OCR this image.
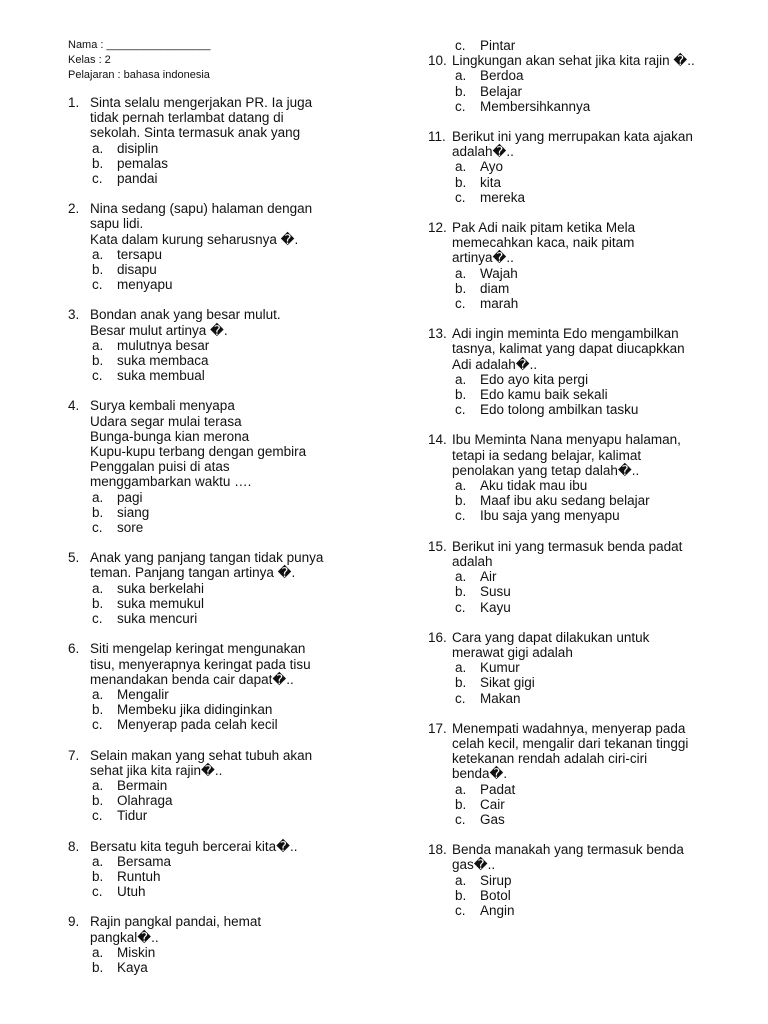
Nama : _________________
Kelas : 2
Pelajaran : bahasa indonesia
1. Sinta selalu mengerjakan PR. Ia juga
tidak pernah terlambat datang di
sekolah. Sinta termasuk anak yang
a.	disiplin
b.	pemalas
c.	pandai
2. Nina sedang (sapu) halaman dengan
sapu lidi.
Kata dalam kurung seharusnya �.
a.	tersapu
b.	disapu
c.	menyapu
3. Bondan anak yang besar mulut.
Besar mulut artinya �.
a.	mulutnya besar
b.	suka membaca
c.	suka membual
4. Surya kembali menyapa
Udara segar mulai terasa
Bunga-bunga kian merona
Kupu-kupu terbang dengan gembira
Penggalan puisi di atas
menggambarkan waktu ….
a.	pagi
b.	siang
c.	sore
5. Anak yang panjang tangan tidak punya
teman. Panjang tangan artinya �.
a.	suka berkelahi
b.	suka memukul
c.	suka mencuri
6. Siti mengelap keringat mengunakan
tisu, menyerapnya keringat pada tisu
menandakan benda cair dapat�..
a.	Mengalir
b.	Membeku jika didinginkan
c.	Menyerap pada celah kecil
7. Selain makan yang sehat tubuh akan
sehat jika kita rajin�..
a.	Bermain
b.	Olahraga
c.	Tidur
8. Bersatu kita teguh bercerai kita�..
a.	Bersama
b.	Runtuh
c.	Utuh
9. Rajin pangkal pandai, hemat
pangkal�..
a.	Miskin
b.	Kaya
c.	Pintar
10. Lingkungan akan sehat jika kita rajin �..
a.	Berdoa
b.	Belajar
c.	Membersihkannya
11. Berikut ini yang merrupakan kata ajakan
adalah�..
a.	Ayo
b.	kita
c.	mereka
12. Pak Adi naik pitam ketika Mela
memecahkan kaca, naik pitam
artinya�..
a.	Wajah
b.	diam
c.	marah
13. Adi ingin meminta Edo mengambilkan
tasnya, kalimat yang dapat diucapkkan
Adi adalah�..
a.	Edo ayo kita pergi
b.	Edo kamu baik sekali
c.	Edo tolong ambilkan tasku
14. Ibu Meminta Nana menyapu halaman,
tetapi ia sedang belajar, kalimat
penolakan yang tetap dalah�..
a.	Aku tidak mau ibu
b.	Maaf ibu aku sedang belajar
c.	Ibu saja yang menyapu
15. Berikut ini yang termasuk benda padat
adalah
a.	Air
b.	Susu
c.	Kayu
16. Cara yang dapat dilakukan untuk
merawat gigi adalah
a.	Kumur
b.	Sikat gigi
c.	Makan
17. Menempati wadahnya, menyerap pada
celah kecil, mengalir dari tekanan tinggi
ketekanan rendah adalah ciri-ciri
benda�.
a.	Padat
b.	Cair
c.	Gas
18. Benda manakah yang termasuk benda
gas�..
a.	Sirup
b.	Botol
c.	Angin
